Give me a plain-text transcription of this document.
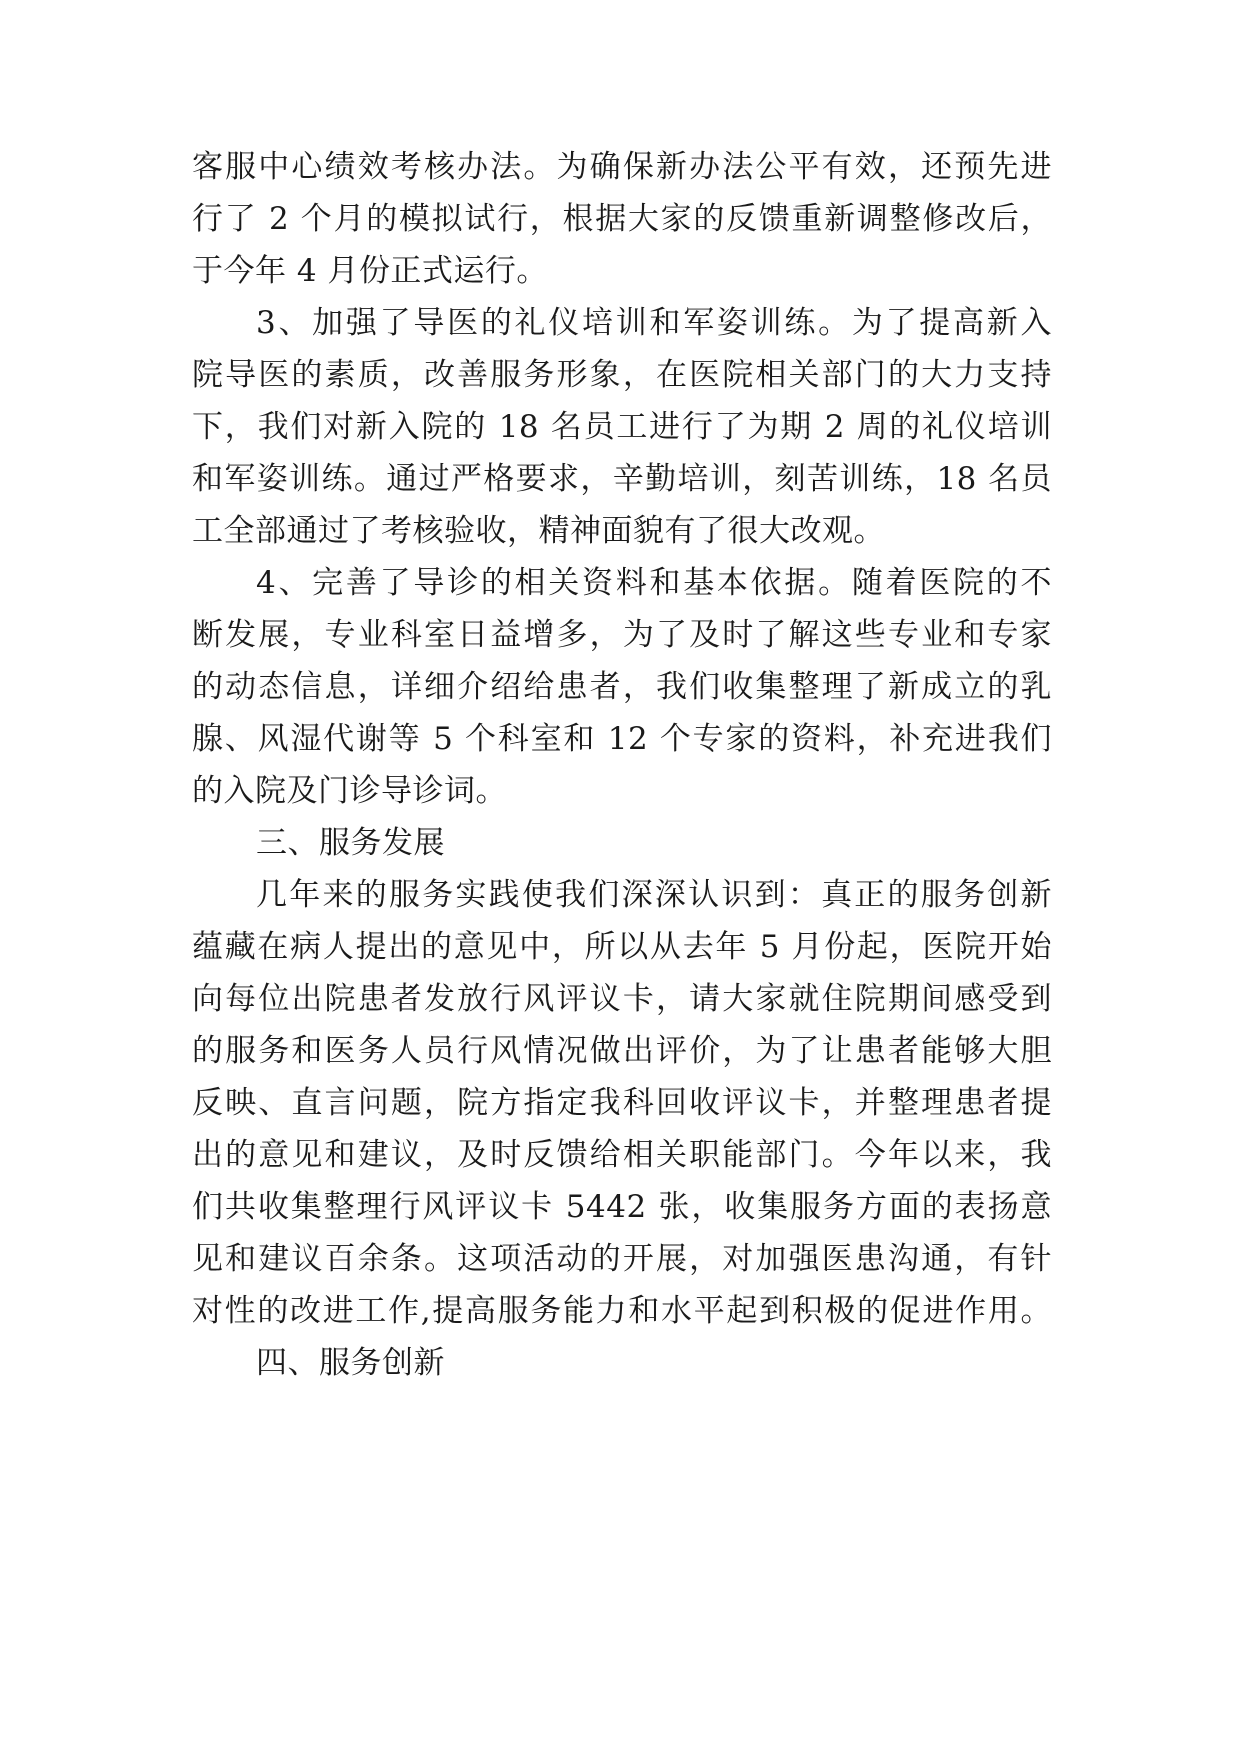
客服中心绩效考核办法。为确保新办法公平有效，还预先进
行了 2 个月的模拟试行，根据大家的反馈重新调整修改后，
于今年 4 月份正式运行。
3、加强了导医的礼仪培训和军姿训练。为了提高新入
院导医的素质，改善服务形象，在医院相关部门的大力支持
下，我们对新入院的 18 名员工进行了为期 2 周的礼仪培训
和军姿训练。通过严格要求，辛勤培训，刻苦训练，18 名员
工全部通过了考核验收，精神面貌有了很大改观。
4、完善了导诊的相关资料和基本依据。随着医院的不
断发展，专业科室日益增多，为了及时了解这些专业和专家
的动态信息，详细介绍给患者，我们收集整理了新成立的乳
腺、风湿代谢等 5 个科室和 12 个专家的资料，补充进我们
的入院及门诊导诊词。
三、服务发展
几年来的服务实践使我们深深认识到：真正的服务创新
蕴藏在病人提出的意见中，所以从去年 5 月份起，医院开始
向每位出院患者发放行风评议卡，请大家就住院期间感受到
的服务和医务人员行风情况做出评价，为了让患者能够大胆
反映、直言问题，院方指定我科回收评议卡，并整理患者提
出的意见和建议，及时反馈给相关职能部门。今年以来，我
们共收集整理行风评议卡 5442 张，收集服务方面的表扬意
见和建议百余条。这项活动的开展，对加强医患沟通，有针
对性的改进工作,提高服务能力和水平起到积极的促进作用。
四、服务创新
